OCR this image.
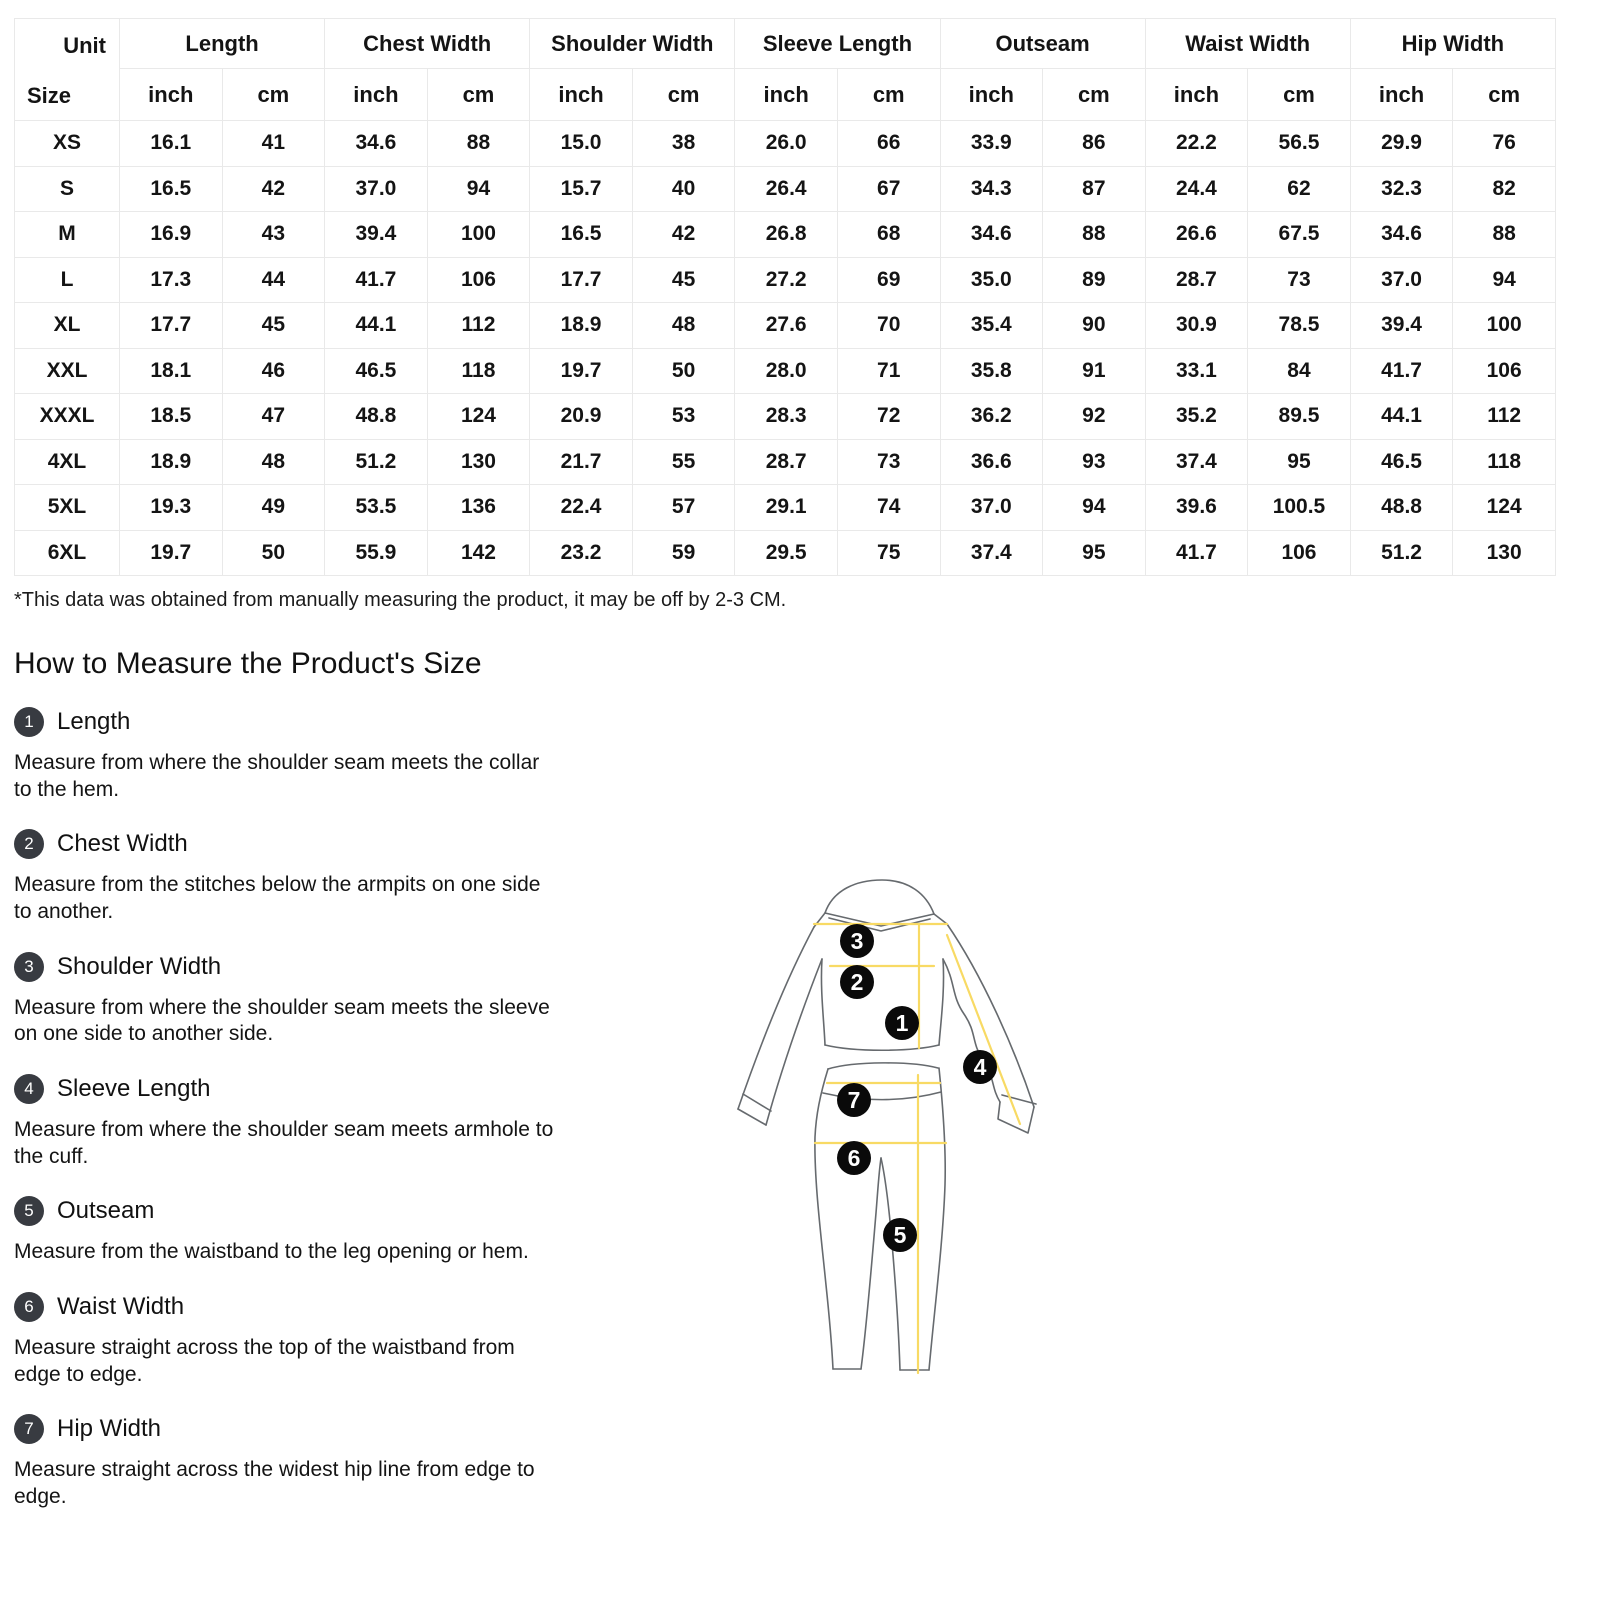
Unit
Size	Length		Chest Width		Shoulder Width		Sleeve Length		Outseam		Waist Width		Hip Width	
	inch	cm	inch	cm	inch	cm	inch	cm	inch	cm	inch	cm	inch	cm
XS	16.1	41	34.6	88	15.0	38	26.0	66	33.9	86	22.2	56.5	29.9	76
S	16.5	42	37.0	94	15.7	40	26.4	67	34.3	87	24.4	62	32.3	82
M	16.9	43	39.4	100	16.5	42	26.8	68	34.6	88	26.6	67.5	34.6	88
L	17.3	44	41.7	106	17.7	45	27.2	69	35.0	89	28.7	73	37.0	94
XL	17.7	45	44.1	112	18.9	48	27.6	70	35.4	90	30.9	78.5	39.4	100
XXL	18.1	46	46.5	118	19.7	50	28.0	71	35.8	91	33.1	84	41.7	106
XXXL	18.5	47	48.8	124	20.9	53	28.3	72	36.2	92	35.2	89.5	44.1	112
4XL	18.9	48	51.2	130	21.7	55	28.7	73	36.6	93	37.4	95	46.5	118
5XL	19.3	49	53.5	136	22.4	57	29.1	74	37.0	94	39.6	100.5	48.8	124
6XL	19.7	50	55.9	142	23.2	59	29.5	75	37.4	95	41.7	106	51.2	130

*This data was obtained from manually measuring the product, it may be off by 2-3 CM.

How to Measure the Product's Size
1 Length

Measure from where the shoulder seam meets the collar to the hem.

2 Chest Width

Measure from the stitches below the armpits on one side to another.

3 Shoulder Width

Measure from where the shoulder seam meets the sleeve on one side to another side.

4 Sleeve Length

Measure from where the shoulder seam meets armhole to the cuff.

5 Outseam

Measure from the waistband to the leg opening or hem.

6 Waist Width

Measure straight across the top of the waistband from edge to edge.

7 Hip Width

Measure straight across the widest hip line from edge to edge.

3
2
1
4
7
6
5
